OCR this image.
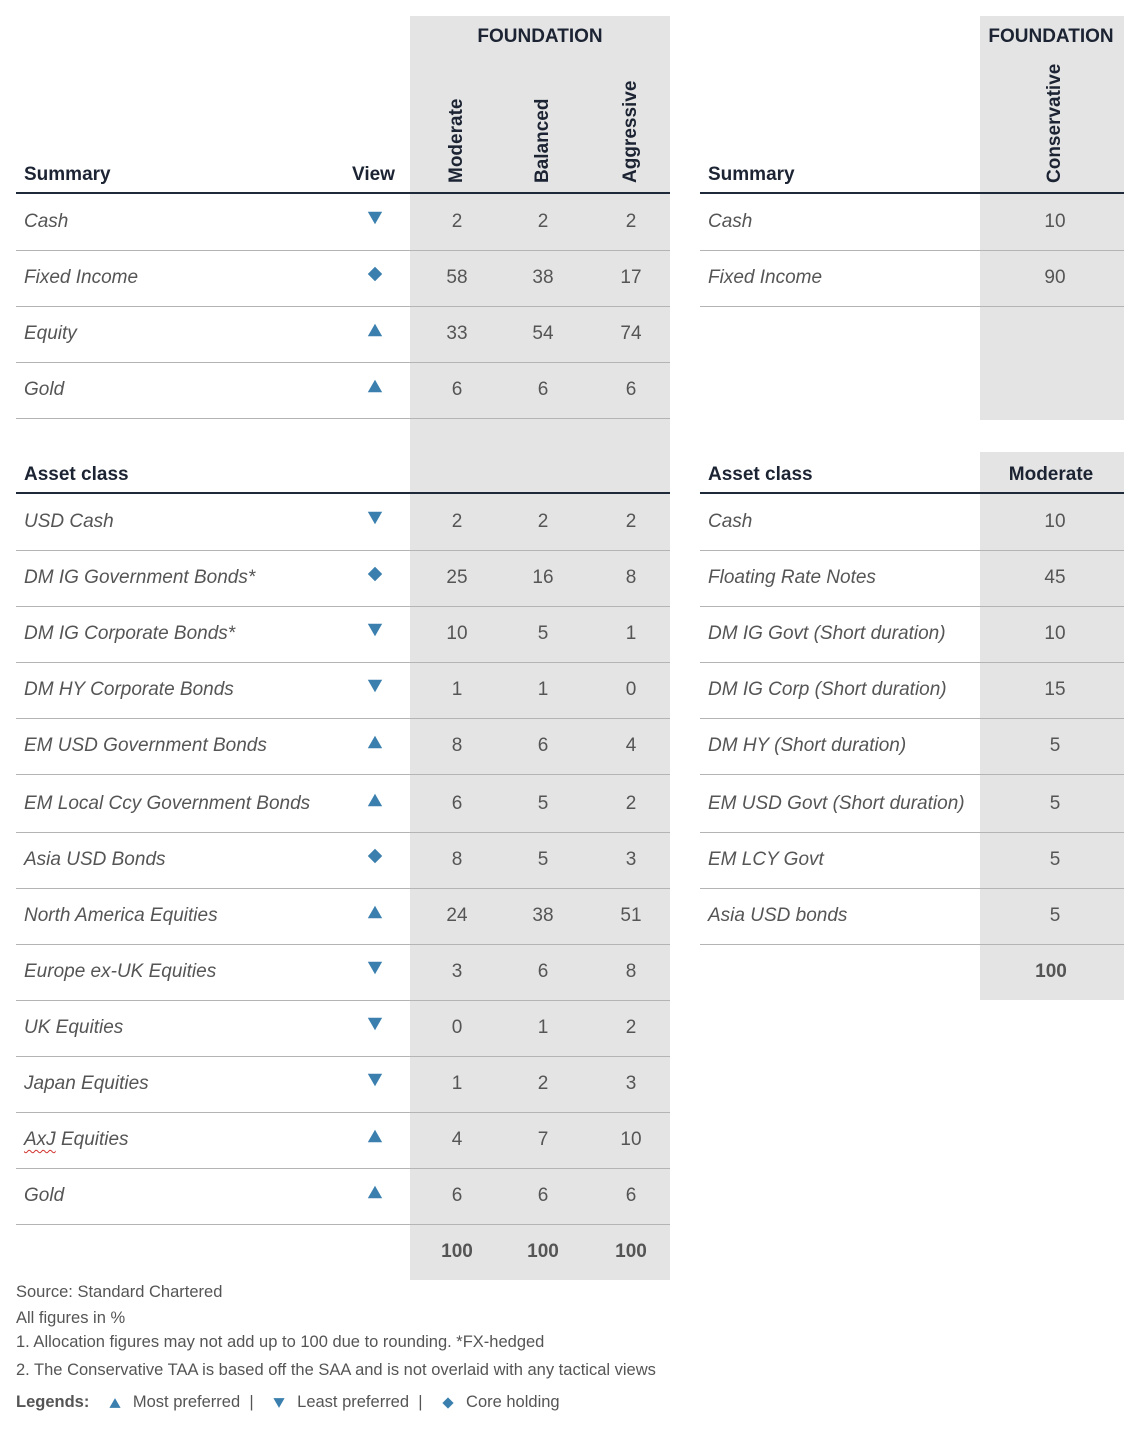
FOUNDATION
Moderate	Balanced	Aggressive
Summary	View
Cash	2	2	2
Fixed Income	58	38	17
Equity	33	54	74
Gold	6	6	6
Asset class
USD Cash	2	2	2
DM IG Government Bonds*	25	16	8
DM IG Corporate Bonds*	10	5	1
DM HY Corporate Bonds	1	1	0
EM USD Government Bonds	8	6	4
EM Local Ccy Government Bonds	6	5	2
Asia USD Bonds	8	5	3
North America Equities	24	38	51
Europe ex-UK Equities	3	6	8
UK Equities	0	1	2
Japan Equities	1	2	3
AxJ Equities	4	7	10
Gold	6	6	6
100	100	100
FOUNDATION
Conservative
Summary
Cash	10
Fixed Income	90
Asset class	Moderate
Cash	10
Floating Rate Notes	45
DM IG Govt (Short duration)	10
DM IG Corp (Short duration)	15
DM HY (Short duration)	5
EM USD Govt (Short duration)	5
EM LCY Govt	5
Asia USD bonds	5
100
Source: Standard Chartered
All figures in %
1. Allocation figures may not add up to 100 due to rounding. *FX-hedged
2. The Conservative TAA is based off the SAA and is not overlaid with any tactical views
Legends:	Most preferred |	Least preferred |	Core holding
